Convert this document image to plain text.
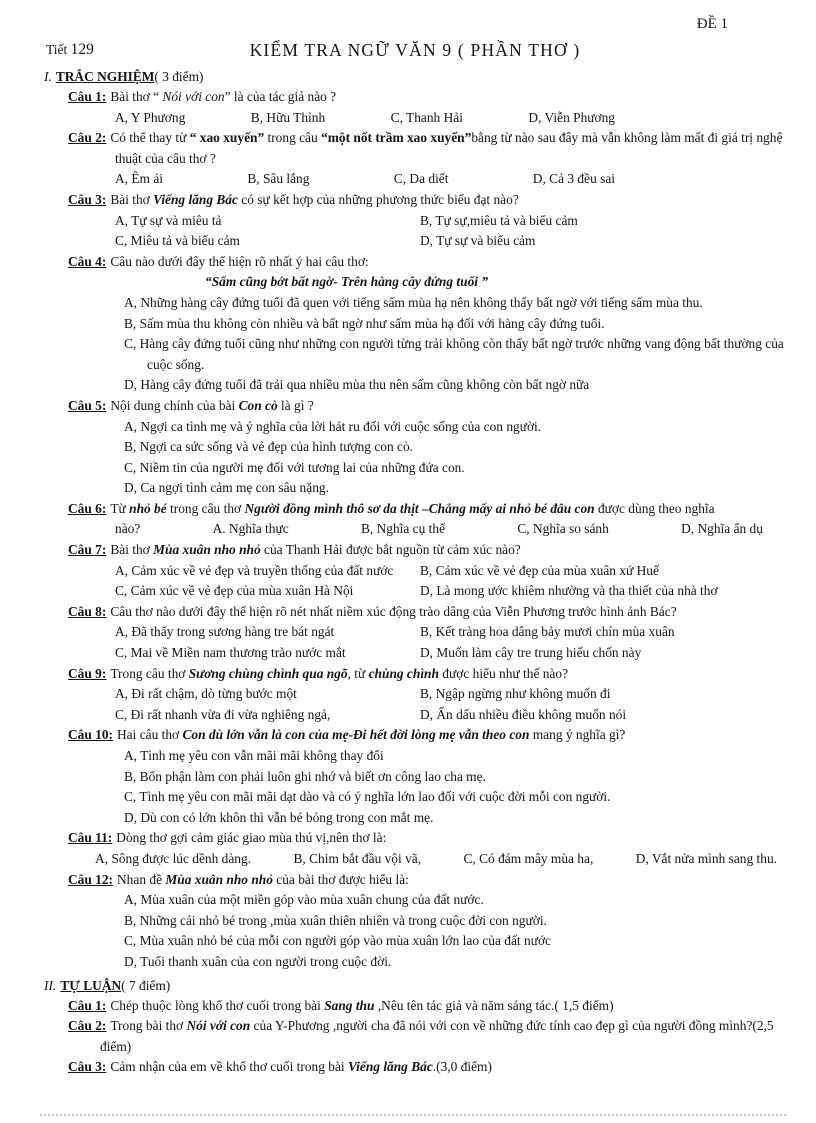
ĐỀ 1
Tiết 129	KIỂM TRA NGỮ VĂN 9 ( PHẦN THƠ )
I. TRẮC NGHIỆM( 3 điểm)
Câu 1: Bài thơ “ Nói với con” là của tác giả nào ?
A, Y Phương	B, Hữu Thỉnh	C, Thanh Hải	D, Viễn Phương
Câu 2: Có thể thay từ “ xao xuyến” trong câu “một nốt trầm xao xuyến”bằng từ nào sau đây mà vẫn không làm mất đi giá trị nghệ thuật của câu thơ ?
A, Êm ái	B, Sâu lắng	C, Da diết	D, Cả 3 đều sai
Câu 3: Bài thơ Viếng lăng Bác có sự kết hợp của những phương thức biểu đạt nào?
A, Tự sự và miêu tả	B, Tự sự,miêu tả và biểu cảm
C, Miêu tả và biểu cảm	D, Tự sự và biểu cảm
Câu 4: Câu nào dưới đây thể hiện rõ nhất ý hai câu thơ:
“Sấm cũng bớt bất ngờ- Trên hàng cây đứng tuổi ”
A, Những hàng cây đứng tuổi đã quen với tiếng sấm mùa hạ nên không thấy bất ngờ với tiếng sấm mùa thu.
B, Sấm mùa thu không còn nhiều và bất ngờ như sấm mùa hạ đối với hàng cây đứng tuổi.
C, Hàng cây đứng tuổi cũng như những con người từng trải không còn thấy bất ngờ trước những vang động bất thường của cuộc sống.
D, Hàng cây đứng tuổi đã trải qua nhiều mùa thu nên sấm cũng không còn bất ngờ nữa
Câu 5: Nội dung chính của bài Con cò là gì ?
A, Ngợi ca tình mẹ và ý nghĩa của lời hát ru đối với cuộc sống của con người.
B, Ngợi ca sức sống và vẻ đẹp của hình tượng con cò.
C, Niềm tin của người mẹ đối với tương lai của những đứa con.
D, Ca ngợi tình cảm mẹ con sâu nặng.
Câu 6: Từ nhỏ bé trong câu thơ Người đồng mình thô sơ da thịt –Chẳng mấy ai nhỏ bé đâu con được dùng theo nghĩa
nào?	A. Nghĩa thực	B, Nghĩa cụ thể	C, Nghĩa so sánh	D, Nghĩa ẩn dụ
Câu 7: Bài thơ Mùa xuân nho nhỏ của Thanh Hải được bắt nguồn từ cảm xúc nào?
A, Cảm xúc về vẻ đẹp và truyền thống của đất nước	B, Cảm xúc về vẻ đẹp của mùa xuân xứ Huế
C, Cảm xúc về vẻ đẹp của mùa xuân Hà Nội	D, Là mong ước khiêm nhường và tha thiết của nhà thơ
Câu 8: Câu thơ nào dưới đây thể hiện rõ nét nhất niềm xúc động trào dâng của Viễn Phương trước hình ảnh Bác?
A, Đã thấy trong sương hàng tre bát ngát	B, Kết tràng hoa dâng bảy mươi chín mùa xuân
C, Mai về Miền nam thương trào nước mắt	D, Muốn làm cây tre trung hiếu chốn này
Câu 9: Trong câu thơ Sương chùng chình qua ngõ, từ chùng chình được hiểu như thế nào?
A, Đi rất chậm, dò từng bước một	B, Ngập ngừng như không muốn đi
C, Đi rất nhanh vừa đi vừa nghiêng ngả,	D, Ẩn dấu nhiều điều không muốn nói
Câu 10: Hai câu thơ Con dù lớn vẫn là con của mẹ-Đi hết đời lòng mẹ vẫn theo con mang ý nghĩa gì?
A, Tình mẹ yêu con vẫn mãi mãi không thay đổi
B, Bổn phận làm con phải luôn ghi nhớ và biết ơn công lao cha mẹ.
C, Tình mẹ yêu con mãi mãi dạt dào và có ý nghĩa lớn lao đối với cuộc đời mỗi con người.
D, Dù con có lớn khôn thì vẫn bé bỏng trong con mắt mẹ.
Câu 11: Dòng thơ gợi cảm giác giao mùa thú vị,nên thơ là:
A, Sông được lúc dềnh dàng.	B, Chim bắt đầu vội vã,	C, Có đám mây mùa ha,	D, Vắt nửa mình sang thu.
Câu 12: Nhan đề Mùa xuân nho nhỏ của bài thơ được hiểu là:
A, Mùa xuân của một miền góp vào mùa xuân chung của đất nước.
B, Những cái nhỏ bé trong ,mùa xuân thiên nhiên và trong cuộc đời con người.
C, Mùa xuân nhỏ bé của mỗi con người góp vào mùa xuân lớn lao của đất nước
D, Tuổi thanh xuân của con người trong cuộc đời.
II. TỰ LUẬN( 7 điểm)
Câu 1: Chép thuộc lòng khổ thơ cuối trong bài Sang thu ,Nêu tên tác giả và năm sáng tác.( 1,5 điểm)
Câu 2: Trong bài thơ Nói với con của Y-Phương ,người cha đã nói với con về những đức tính cao đẹp gì của người đồng mình?(2,5 điểm)
Câu 3: Cảm nhận của em về khổ thơ cuối trong bài Viếng lăng Bác.(3,0 điểm)
